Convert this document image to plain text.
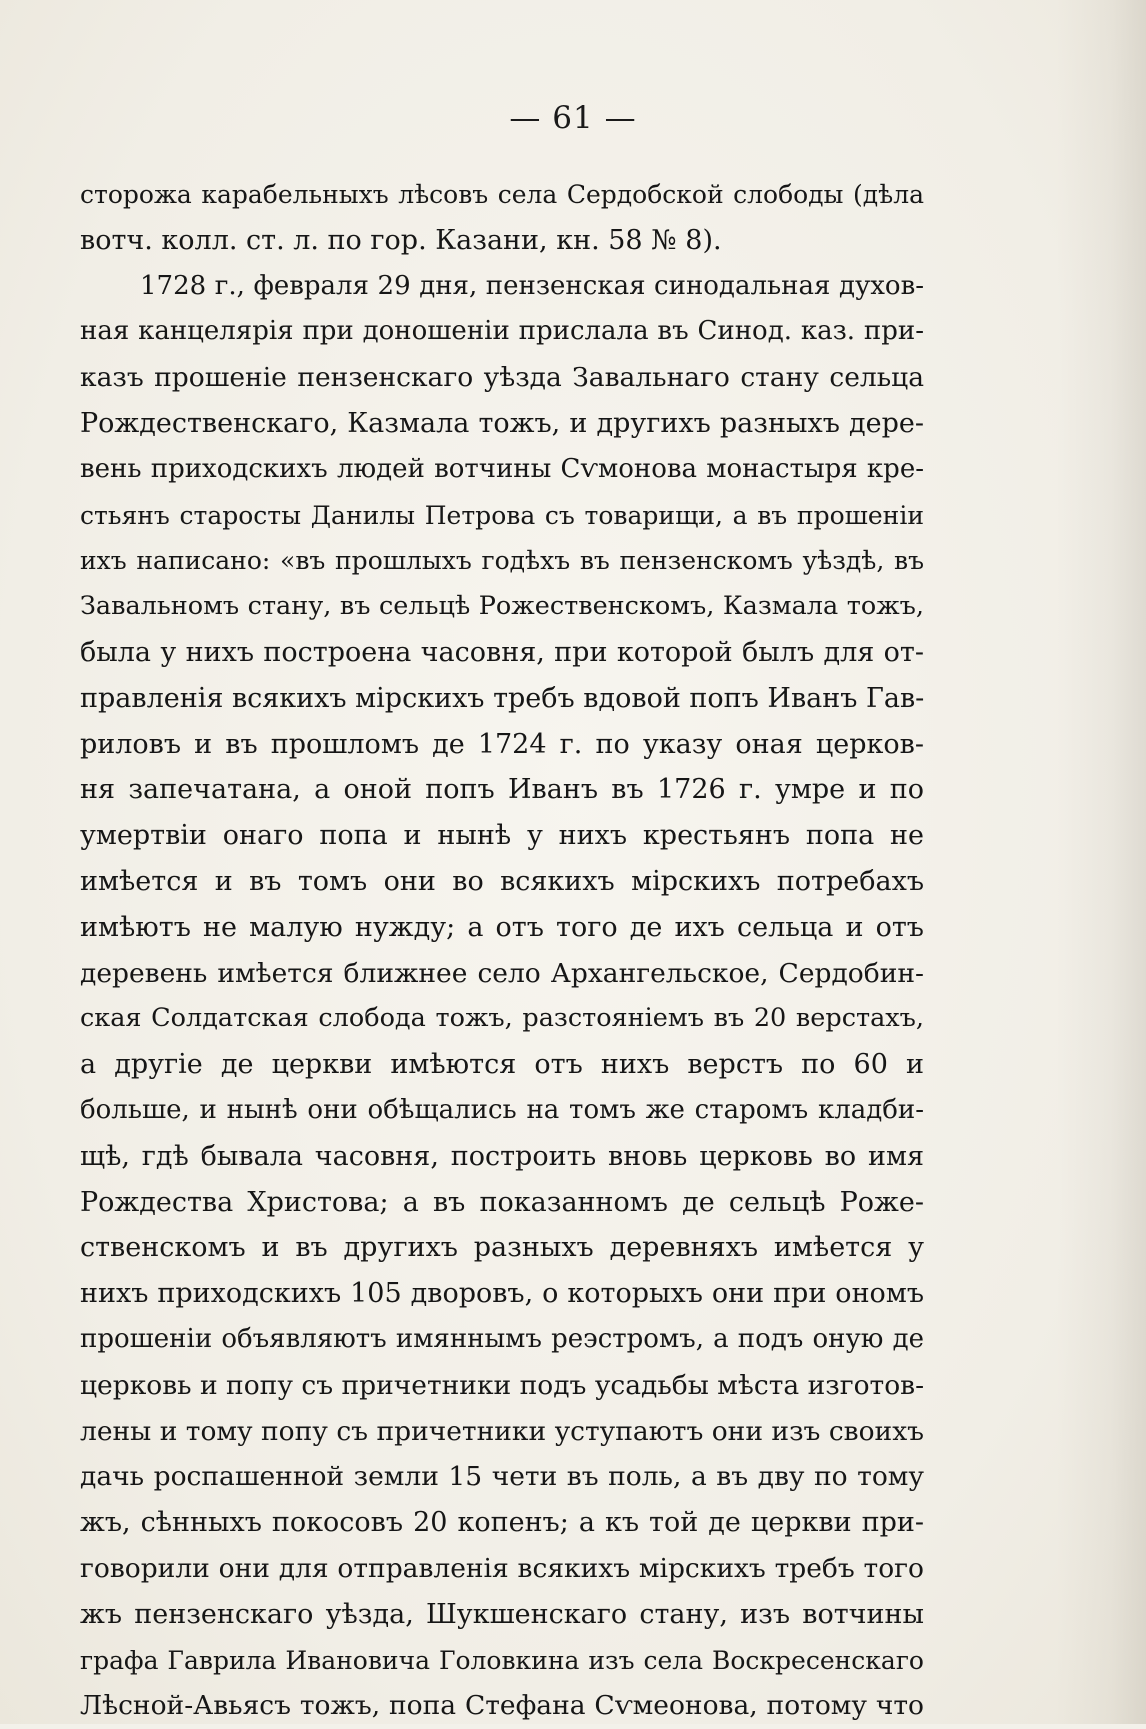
— 61 —
сторожа карабельныхъ лѣсовъ села Сердобской слободы (дѣла
вотч. колл. ст. л. по гор. Казани, кн. 58 № 8).
1728 г., февраля 29 дня, пензенская синодальная духов-
ная канцелярія при доношеніи прислала въ Синод. каз. при-
казъ прошеніе пензенскаго уѣзда Завальнаго стану сельца
Рождественскаго, Казмала тожъ, и другихъ разныхъ дере-
вень приходскихъ людей вотчины Сѵмонова монастыря кре-
стьянъ старосты Данилы Петрова съ товарищи, а въ прошеніи
ихъ написано: «въ прошлыхъ годѣхъ въ пензенскомъ уѣздѣ, въ
Завальномъ стану, въ сельцѣ Рожественскомъ, Казмала тожъ,
была у нихъ построена часовня, при которой былъ для от-
правленія всякихъ мірскихъ требъ вдовой попъ Иванъ Гав-
риловъ и въ прошломъ де 1724 г. по указу оная церков-
ня запечатана, а оной попъ Иванъ въ 1726 г. умре и по
умертвіи онаго попа и нынѣ у нихъ крестьянъ попа не
имѣется и въ томъ они во всякихъ мірскихъ потребахъ
имѣютъ не малую нужду; а отъ того де ихъ сельца и отъ
деревень имѣется ближнее село Архангельское, Сердобин-
ская Солдатская слобода тожъ, разстояніемъ въ 20 верстахъ,
а другіе де церкви имѣются отъ нихъ верстъ по 60 и
больше, и нынѣ они обѣщались на томъ же старомъ кладби-
щѣ, гдѣ бывала часовня, построить вновь церковь во имя
Рождества Христова; а въ показанномъ де сельцѣ Роже-
ственскомъ и въ другихъ разныхъ деревняхъ имѣется у
нихъ приходскихъ 105 дворовъ, о которыхъ они при ономъ
прошеніи объявляютъ имяннымъ реэстромъ, а подъ оную де
церковь и попу съ причетники подъ усадьбы мѣста изготов-
лены и тому попу съ причетники уступаютъ они изъ своихъ
дачь роспашенной земли 15 чети въ поль, а въ дву по тому
жъ, сѣнныхъ покосовъ 20 копенъ; а къ той де церкви при-
говорили они для отправленія всякихъ мірскихъ требъ того
жъ пензенскаго уѣзда, Шукшенскаго стану, изъ вотчины
графа Гаврила Ивановича Головкина изъ села Воскресенскаго
Лѣсной-Авьясъ тожъ, попа Стефана Сѵмеонова, потому что
